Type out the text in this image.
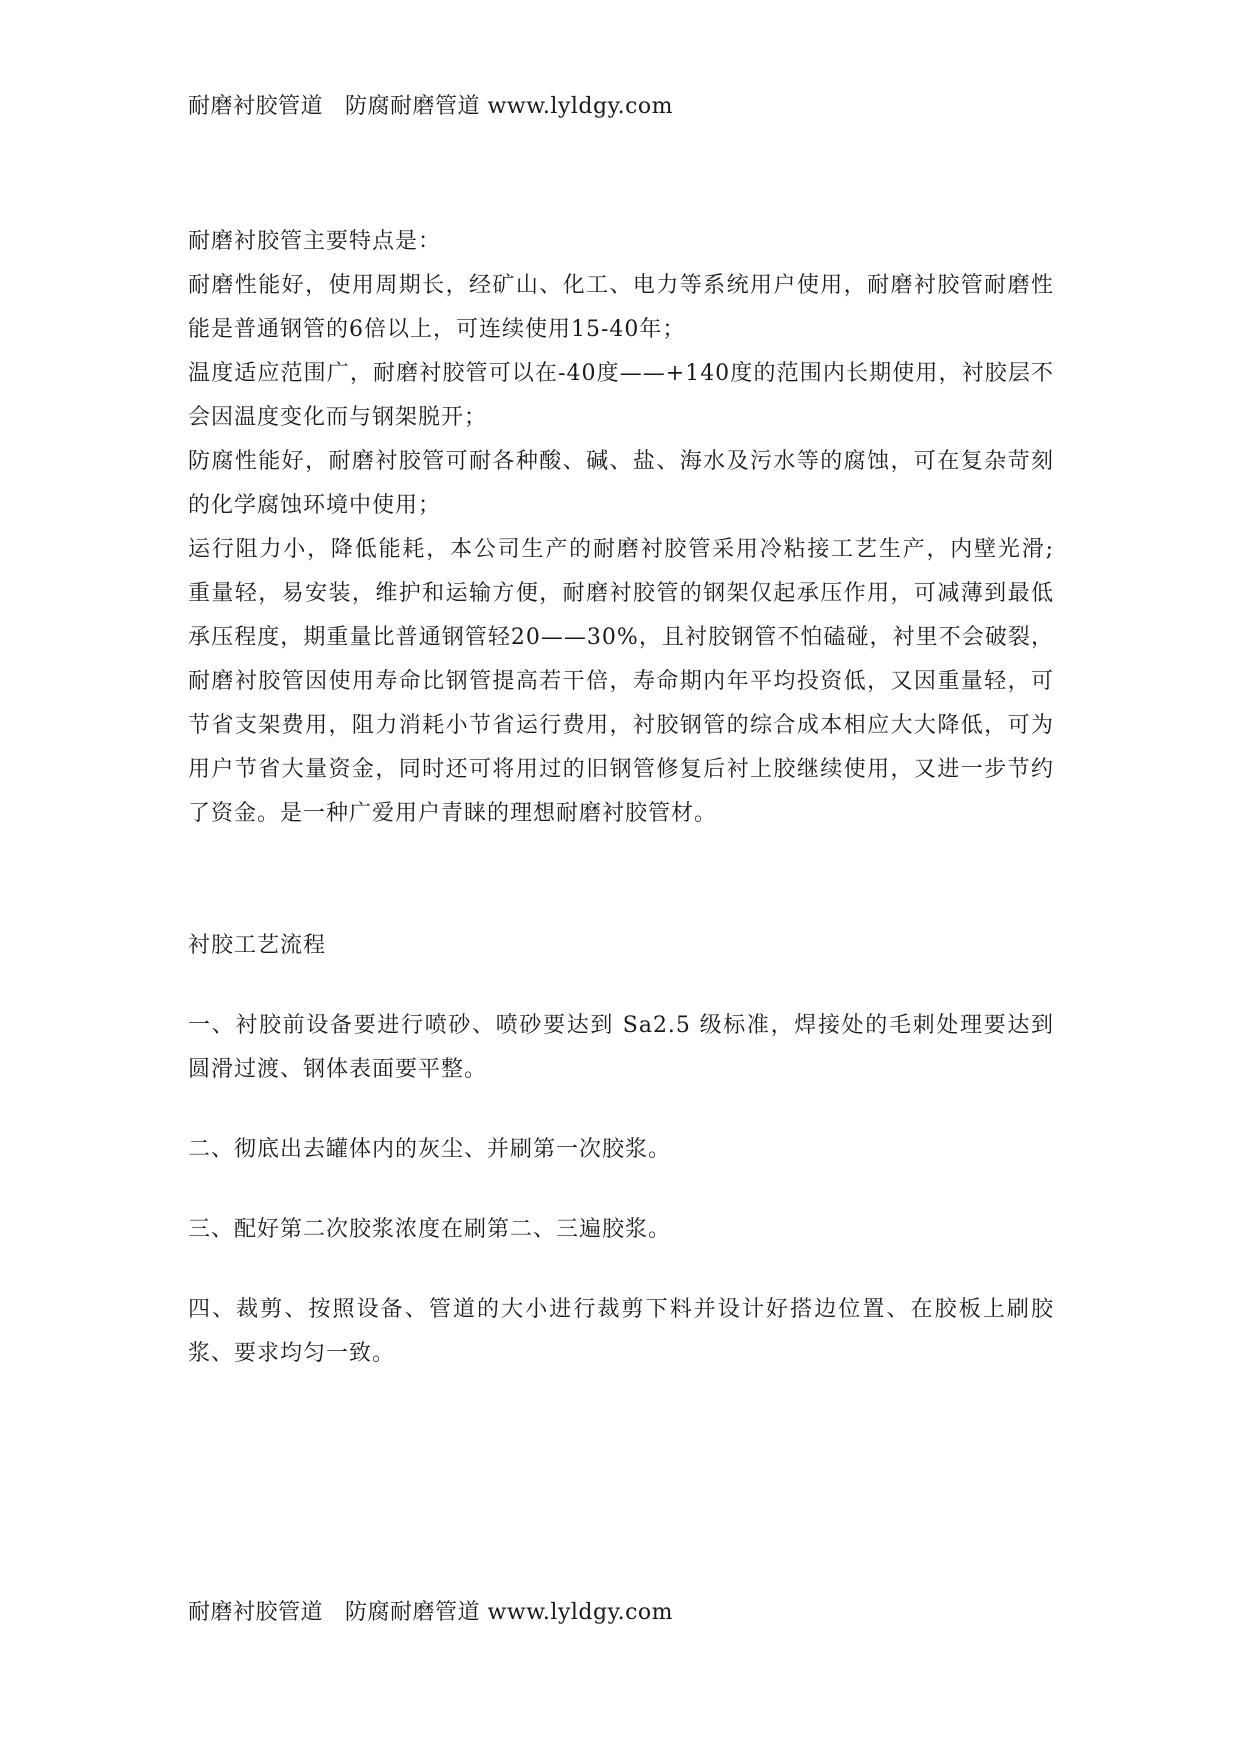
耐磨衬胶管道 防腐耐磨管道 www.lyldgy.com

耐磨衬胶管主要特点是：

耐磨性能好，使用周期长，经矿山、化工、电力等系统用户使用，耐磨衬胶管耐磨性能是普通钢管的6倍以上，可连续使用15-40年；

温度适应范围广，耐磨衬胶管可以在-40度——+140度的范围内长期使用，衬胶层不会因温度变化而与钢架脱开；

防腐性能好，耐磨衬胶管可耐各种酸、碱、盐、海水及污水等的腐蚀，可在复杂苛刻的化学腐蚀环境中使用；

运行阻力小，降低能耗，本公司生产的耐磨衬胶管采用冷粘接工艺生产，内壁光滑; 重量轻，易安装，维护和运输方便，耐磨衬胶管的钢架仅起承压作用，可减薄到最低承压程度，期重量比普通钢管轻20——30%，且衬胶钢管不怕磕碰，衬里不会破裂，耐磨衬胶管因使用寿命比钢管提高若干倍，寿命期内年平均投资低，又因重量轻，可节省支架费用，阻力消耗小节省运行费用，衬胶钢管的综合成本相应大大降低，可为用户节省大量资金，同时还可将用过的旧钢管修复后衬上胶继续使用，又进一步节约了资金。是一种广爱用户青睐的理想耐磨衬胶管材。

衬胶工艺流程

一、衬胶前设备要进行喷砂、喷砂要达到 Sa2.5 级标准，焊接处的毛刺处理要达到圆滑过渡、钢体表面要平整。

二、彻底出去罐体内的灰尘、并刷第一次胶浆。

三、配好第二次胶浆浓度在刷第二、三遍胶浆。

四、裁剪、按照设备、管道的大小进行裁剪下料并设计好搭边位置、在胶板上刷胶浆、要求均匀一致。

耐磨衬胶管道 防腐耐磨管道 www.lyldgy.com
